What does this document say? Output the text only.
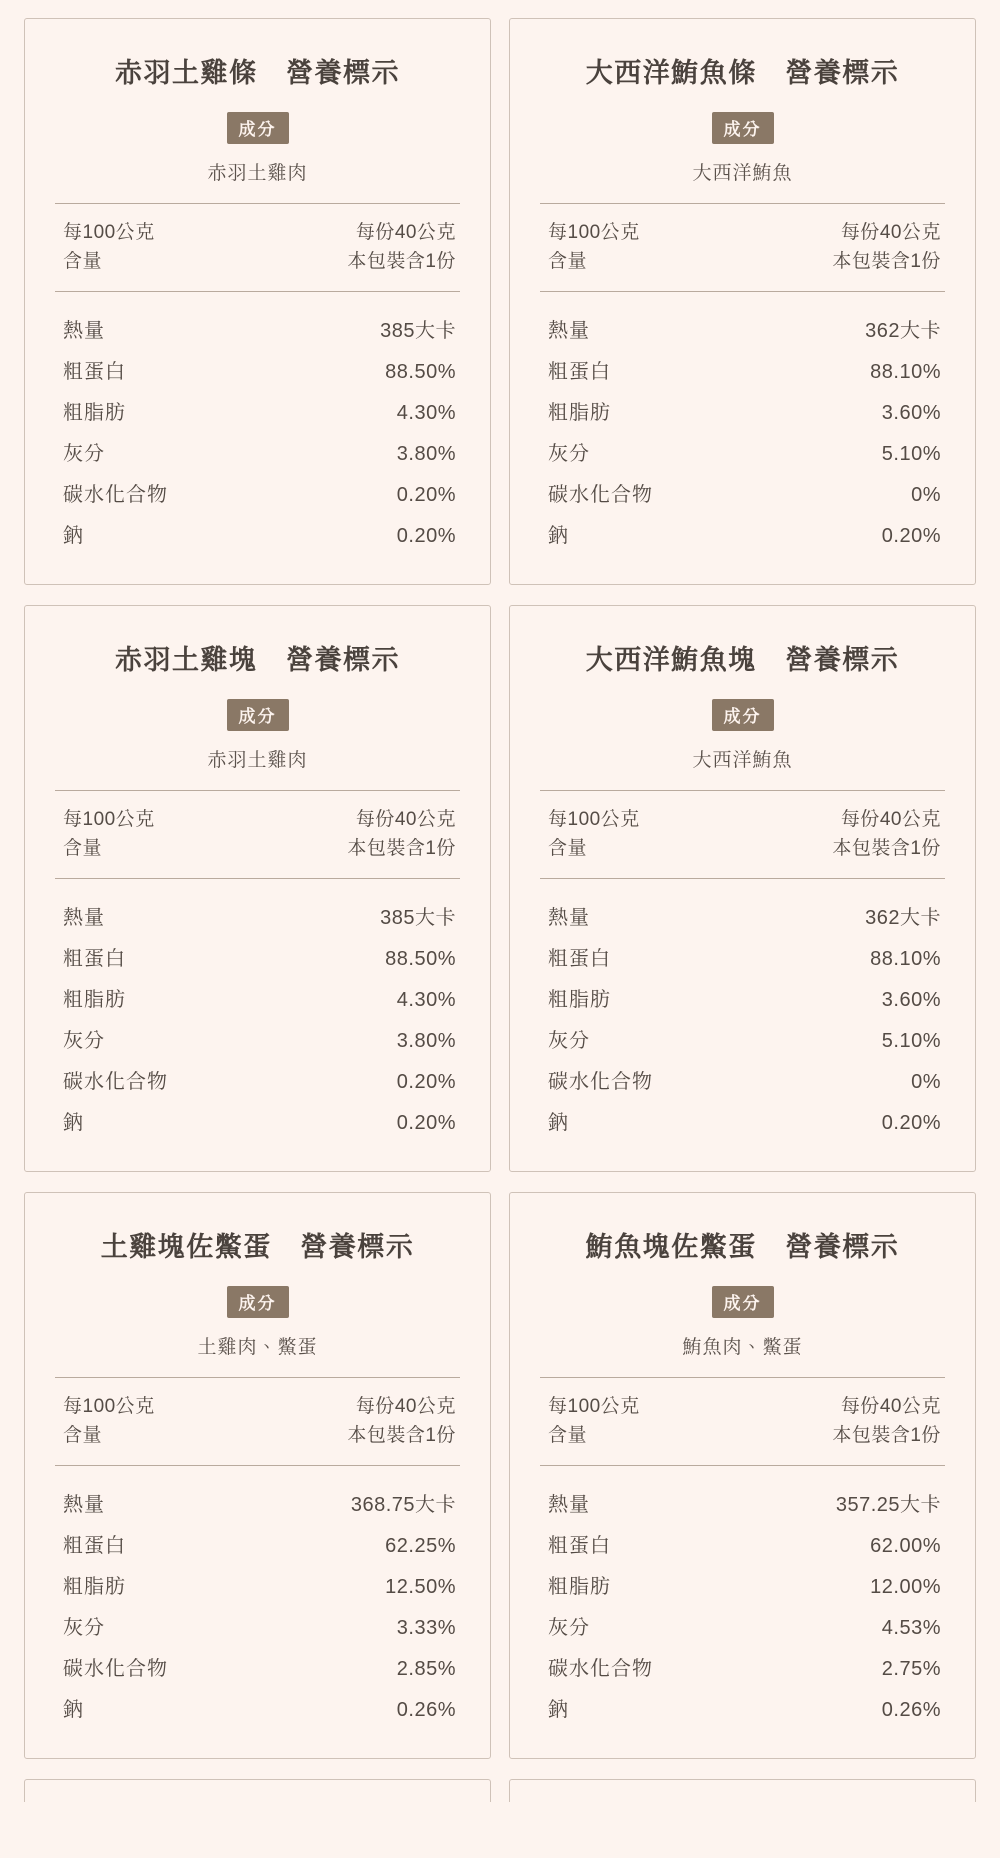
赤羽土雞條　營養標示
成分
赤羽土雞肉
每100公克
含量
每份40公克
本包裝含1份
熱量	385大卡
粗蛋白	88.50%
粗脂肪	4.30%
灰分	3.80%
碳水化合物	0.20%
鈉	0.20%
大西洋鮪魚條　營養標示
成分
大西洋鮪魚
每100公克
含量
每份40公克
本包裝含1份
熱量	362大卡
粗蛋白	88.10%
粗脂肪	3.60%
灰分	5.10%
碳水化合物	0%
鈉	0.20%
赤羽土雞塊　營養標示
成分
赤羽土雞肉
每100公克
含量
每份40公克
本包裝含1份
熱量	385大卡
粗蛋白	88.50%
粗脂肪	4.30%
灰分	3.80%
碳水化合物	0.20%
鈉	0.20%
大西洋鮪魚塊　營養標示
成分
大西洋鮪魚
每100公克
含量
每份40公克
本包裝含1份
熱量	362大卡
粗蛋白	88.10%
粗脂肪	3.60%
灰分	5.10%
碳水化合物	0%
鈉	0.20%
土雞塊佐鱉蛋　營養標示
成分
土雞肉、鱉蛋
每100公克
含量
每份40公克
本包裝含1份
熱量	368.75大卡
粗蛋白	62.25%
粗脂肪	12.50%
灰分	3.33%
碳水化合物	2.85%
鈉	0.26%
鮪魚塊佐鱉蛋　營養標示
成分
鮪魚肉、鱉蛋
每100公克
含量
每份40公克
本包裝含1份
熱量	357.25大卡
粗蛋白	62.00%
粗脂肪	12.00%
灰分	4.53%
碳水化合物	2.75%
鈉	0.26%
